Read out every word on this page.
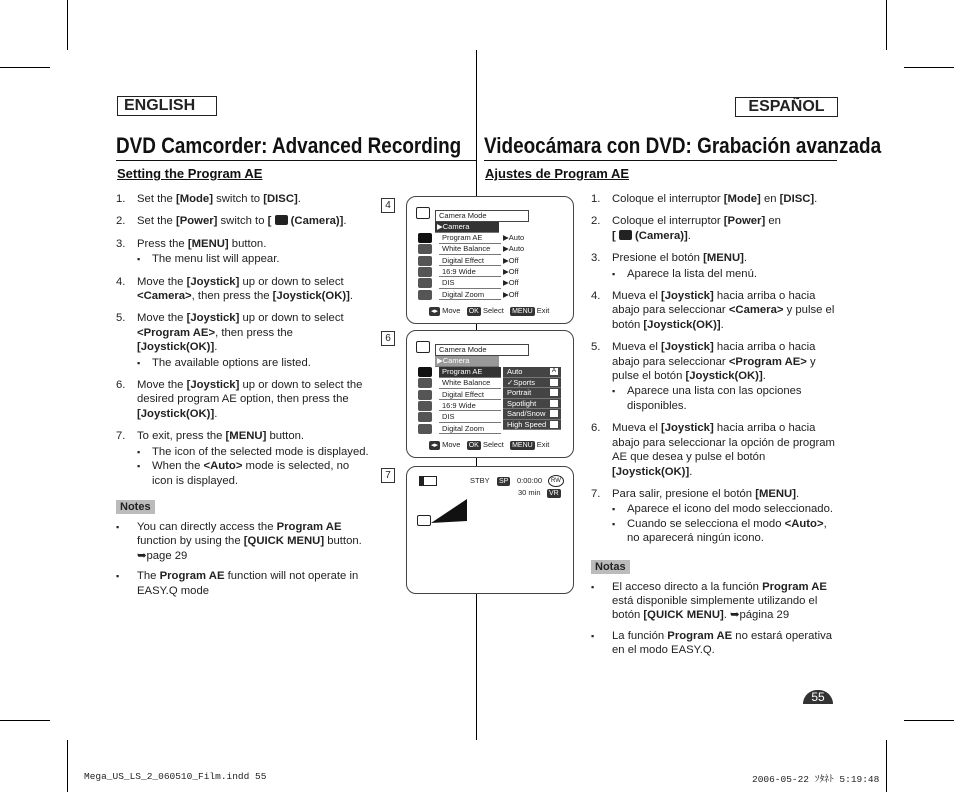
ENGLISH	ESPAÑOL
DVD Camcorder: Advanced Recording Videocámara con DVD: Grabación avanzada
Setting the Program AE	Ajustes de Program AE
1. Set the [Mode] switch to [DISC].
2. Set the [Power] switch to [  (Camera)].
3. Press the [MENU] button.
▪ The menu list will appear.
4. Move the [Joystick] up or down to select <Camera>, then press the [Joystick(OK)].
5. Move the [Joystick] up or down to select <Program AE>, then press the [Joystick(OK)].
▪ The available options are listed.
6. Move the [Joystick] up or down to select the desired program AE option, then press the [Joystick(OK)].
7. To exit, press the [MENU] button.
▪ The icon of the selected mode is displayed.
▪ When the <Auto> mode is selected, no icon is displayed.
Notes
▪ You can directly access the Program AE function by using the [QUICK MENU] button. ➥page 29
▪ The Program AE function will not operate in EASY.Q mode
1. Coloque el interruptor [Mode] en [DISC].
2. Coloque el interruptor [Power] en
[  (Camera)].
3. Presione el botón [MENU].
▪ Aparece la lista del menú.
4. Mueva el [Joystick] hacia arriba o hacia abajo para seleccionar <Camera> y pulse el botón [Joystick(OK)].
5. Mueva el [Joystick] hacia arriba o hacia abajo para seleccionar <Program AE> y pulse el botón [Joystick(OK)].
▪ Aparece una lista con las opciones disponibles.
6. Mueva el [Joystick] hacia arriba o hacia abajo para seleccionar la opción de program AE que desea y pulse el botón [Joystick(OK)].
7. Para salir, presione el botón [MENU].
▪ Aparece el icono del modo seleccionado.
▪ Cuando se selecciona el modo <Auto>, no aparecerá ningún icono.
Notas
▪ El acceso directo a la función Program AE está disponible simplemente utilizando el botón [QUICK MENU]. ➥página 29
▪ La función Program AE no estará operativa en el modo EASY.Q.
4
Camera Mode
▶Camera
Program AE	▶Auto
White Balance	▶Auto
Digital Effect	▶Off
16:9 Wide	▶Off
DIS	▶Off
Digital Zoom	▶Off
◂▸ Move OK Select MENU Exit
6
Camera Mode
▶Camera
Program AE
White Balance
Digital Effect
16:9 Wide
DIS
Digital Zoom
Auto	A
✓Sports
Portrait
Spotlight
Sand/Snow
High Speed
◂▸ Move OK Select MENU Exit
7	STBY SP 0:00:00	RW
30 min VR
55
Mega_US_LS_2_060510_Film.indd 55	2006-05-22 ｿﾀﾈﾄ 5:19:48
